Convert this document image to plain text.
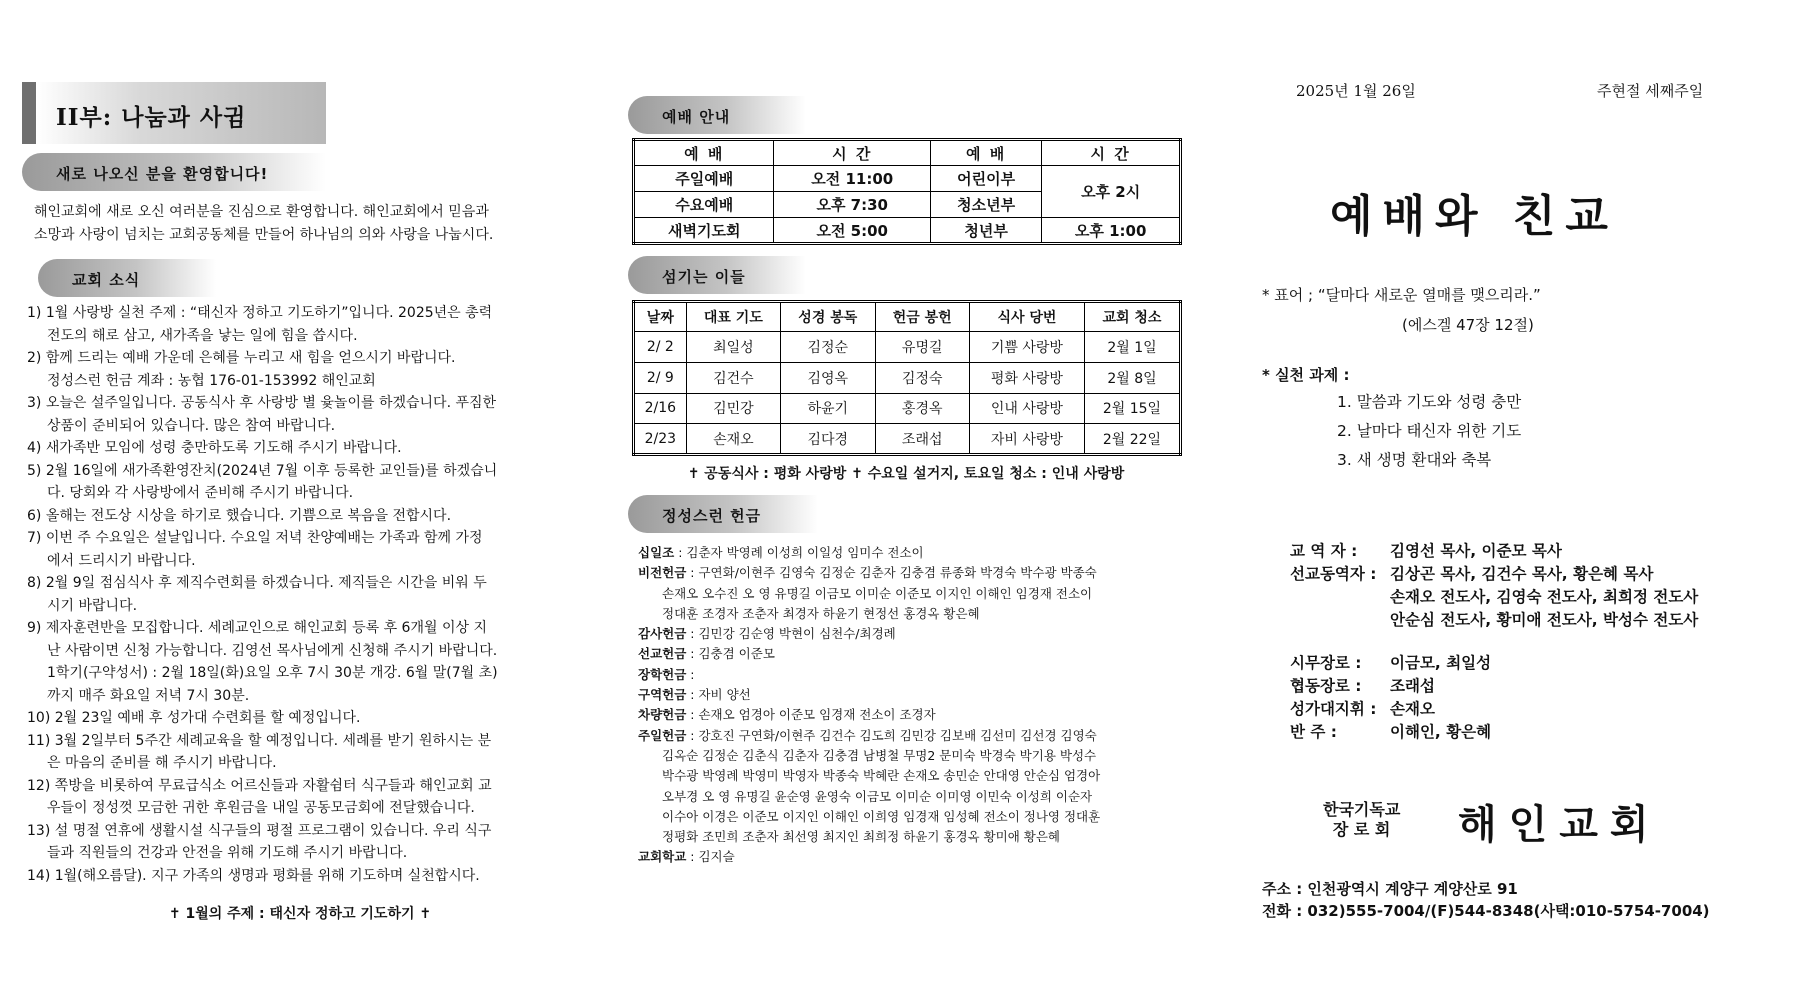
II부: 나눔과 사귐
새로 나오신 분을 환영합니다!
해인교회에 새로 오신 여러분을 진심으로 환영합니다. 해인교회에서 믿음과
소망과 사랑이 넘치는 교회공동체를 만들어 하나님의 의와 사랑을 나눕시다.
교회 소식
1) 1월 사랑방 실천 주제 : “태신자 정하고 기도하기”입니다. 2025년은 총력
전도의 해로 삼고, 새가족을 낳는 일에 힘을 씁시다.
2) 함께 드리는 예배 가운데 은혜를 누리고 새 힘을 얻으시기 바랍니다.
정성스런 헌금 계좌 : 농협 176-01-153992 해인교회
3) 오늘은 설주일입니다. 공동식사 후 사랑방 별 윷놀이를 하겠습니다. 푸짐한
상품이 준비되어 있습니다. 많은 참여 바랍니다.
4) 새가족반 모임에 성령 충만하도록 기도해 주시기 바랍니다.
5) 2월 16일에 새가족환영잔치(2024년 7월 이후 등록한 교인들)를 하겠습니
다. 당회와 각 사랑방에서 준비해 주시기 바랍니다.
6) 올해는 전도상 시상을 하기로 했습니다. 기쁨으로 복음을 전합시다.
7) 이번 주 수요일은 설날입니다. 수요일 저녁 찬양예배는 가족과 함께 가정
에서 드리시기 바랍니다.
8) 2월 9일 점심식사 후 제직수련회를 하겠습니다. 제직들은 시간을 비워 두
시기 바랍니다.
9) 제자훈련반을 모집합니다. 세례교인으로 해인교회 등록 후 6개월 이상 지
난 사람이면 신청 가능합니다. 김영선 목사님에게 신청해 주시기 바랍니다.
1학기(구약성서) : 2월 18일(화)요일 오후 7시 30분 개강. 6월 말(7월 초)
까지 매주 화요일 저녁 7시 30분.
10) 2월 23일 예배 후 성가대 수련회를 할 예정입니다.
11) 3월 2일부터 5주간 세례교육을 할 예정입니다. 세례를 받기 원하시는 분
은 마음의 준비를 해 주시기 바랍니다.
12) 쪽방을 비롯하여 무료급식소 어르신들과 자활쉼터 식구들과 해인교회 교
우들이 정성껏 모금한 귀한 후원금을 내일 공동모금회에 전달했습니다.
13) 설 명절 연휴에 생활시설 식구들의 평절 프로그램이 있습니다. 우리 식구
들과 직원들의 건강과 안전을 위해 기도해 주시기 바랍니다.
14) 1월(해오름달). 지구 가족의 생명과 평화를 위해 기도하며 실천합시다.
✝ 1월의 주제 : 태신자 정하고 기도하기 ✝
예배 안내
예 배	시 간	예 배	시 간
주일예배	오전 11:00	어린이부	오후 2시
수요예배	오후 7:30	청소년부	
새벽기도회	오전 5:00	청년부	오후 1:00
섬기는 이들
날짜	대표 기도	성경 봉독	헌금 봉헌	식사 당번	교회 청소
2/ 2	최일성	김정순	유명길	기쁨 사랑방	2월 1일
2/ 9	김건수	김영옥	김정숙	평화 사랑방	2월 8일
2/16	김민강	하윤기	홍경옥	인내 사랑방	2월 15일
2/23	손재오	김다경	조래섭	자비 사랑방	2월 22일
✝ 공동식사 : 평화 사랑방 ✝ 수요일 설거지, 토요일 청소 : 인내 사랑방
정성스런 헌금
십일조 : 김춘자 박영례 이성희 이일성 임미수 전소이
비전헌금 : 구연화/이현주 김영숙 김정순 김춘자 김충겸 류종화 박경숙 박수광 박종숙
손재오 오수진 오 영 유명길 이금모 이미순 이준모 이지인 이해인 임경재 전소이
정대훈 조경자 조춘자 최경자 하윤기 현정선 홍경옥 황은혜
감사헌금 : 김민강 김순영 박현이 심천수/최경례
선교헌금 : 김충겸 이준모
장학헌금 :
구역헌금 : 자비 양선
차량헌금 : 손재오 엄경아 이준모 임경재 전소이 조경자
주일헌금 : 강호진 구연화/이현주 김건수 김도희 김민강 김보배 김선미 김선경 김영숙
김옥순 김정순 김춘식 김춘자 김충겸 남병철 무명2 문미숙 박경숙 박기용 박성수
박수광 박영례 박영미 박영자 박종숙 박혜란 손재오 송민순 안대영 안순심 엄경아
오부경 오 영 유명길 윤순영 윤영숙 이금모 이미순 이미영 이민숙 이성희 이순자
이수아 이경은 이준모 이지인 이해인 이희영 임경재 임성혜 전소이 정나영 정대훈
정평화 조민희 조춘자 최선영 최지인 최희정 하윤기 홍경옥 황미애 황은혜
교회학교 : 김지슬
2025년 1월 26일	주현절 세째주일
예배와 친교
* 표어 ; “달마다 새로운 열매를 맺으리라.”
(에스겔 47장 12절)
* 실천 과제 :
1. 말씀과 기도와 성령 충만
2. 날마다 태신자 위한 기도
3. 새 생명 환대와 축복
교 역 자 : 김영선 목사, 이준모 목사
선교동역자 : 김상곤 목사, 김건수 목사, 황은혜 목사
손재오 전도사, 김영숙 전도사, 최희정 전도사
안순심 전도사, 황미애 전도사, 박성수 전도사
시무장로 : 이금모, 최일성
협동장로 : 조래섭
성가대지휘 : 손재오
반 주 :	이해인, 황은혜
한국기독교
장 로 회 해인교회
주소 : 인천광역시 계양구 계양산로 91
전화 : 032)555-7004/(F)544-8348(사택:010-5754-7004)
